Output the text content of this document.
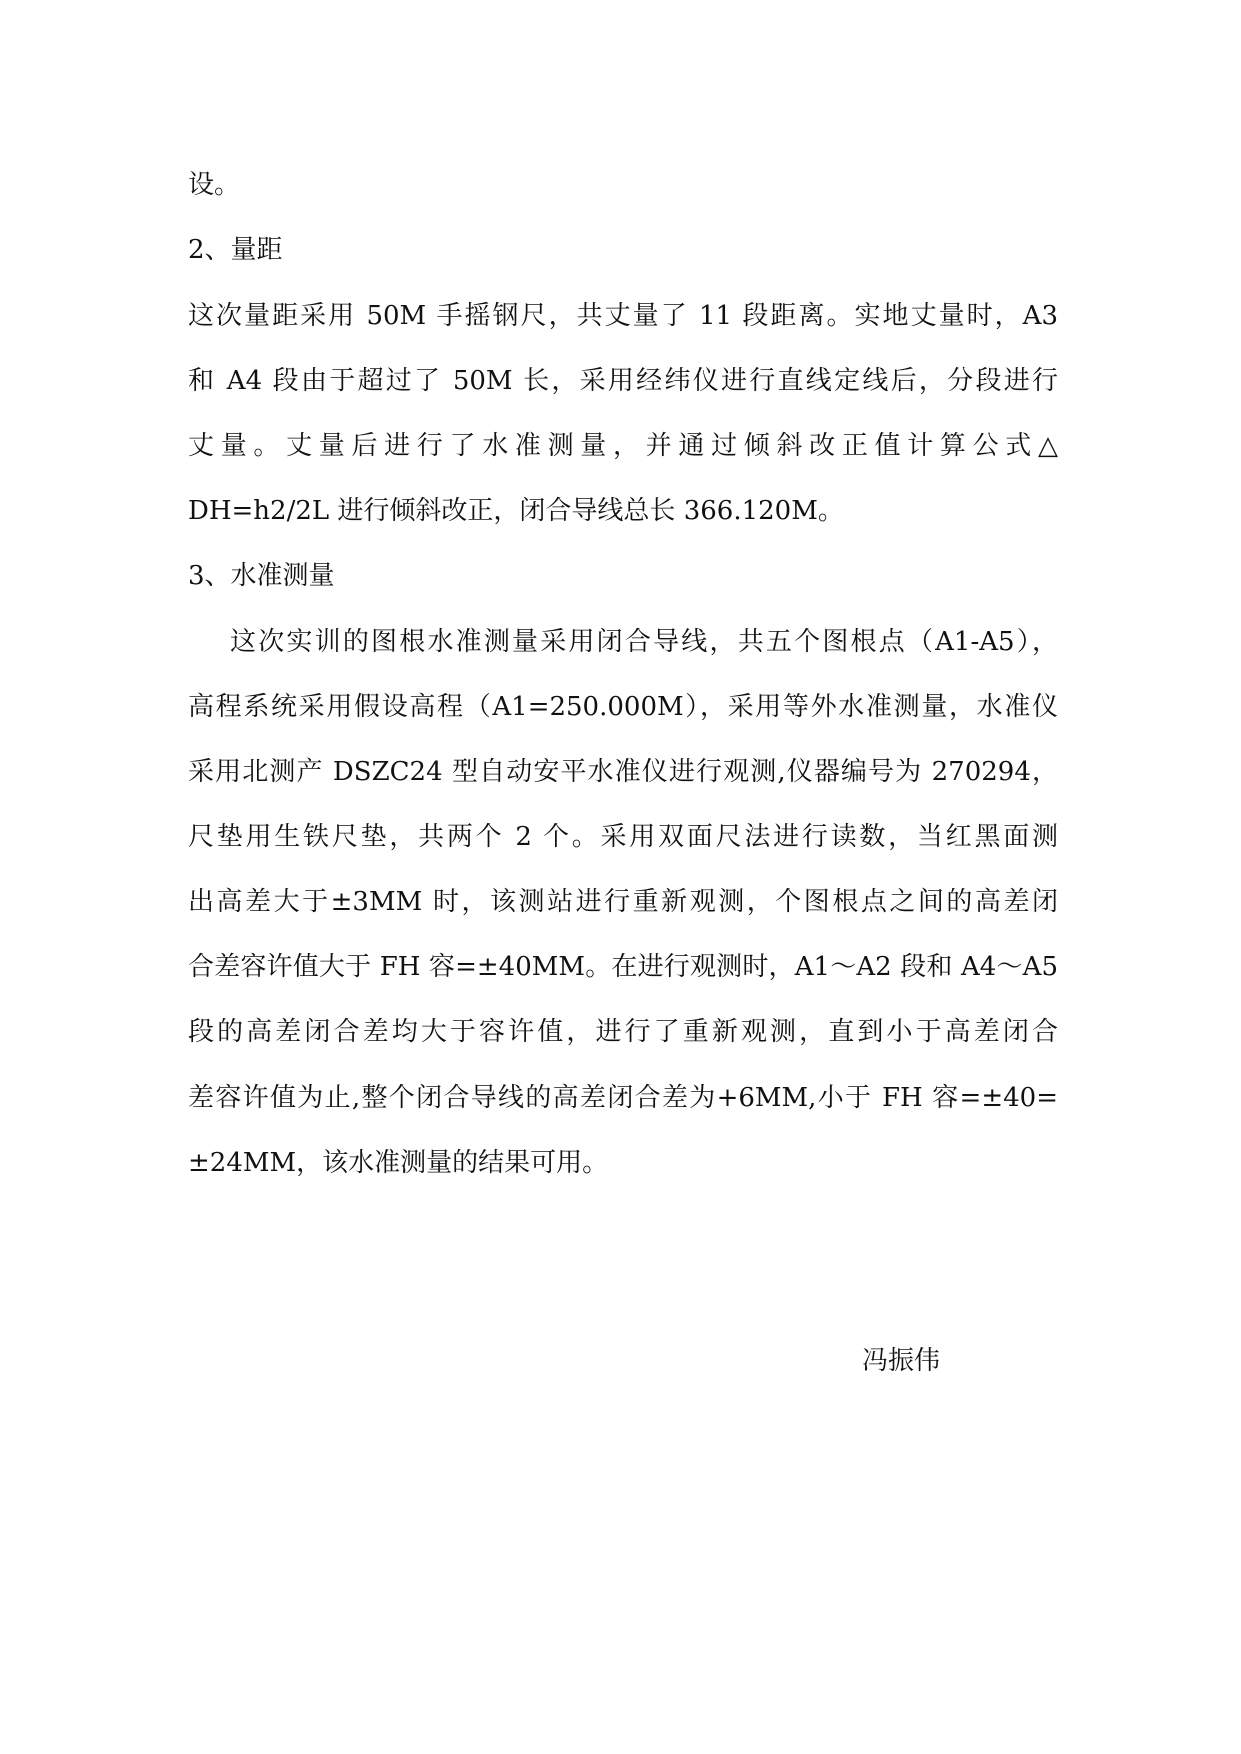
设。
2、量距
这次量距采用 50M 手摇钢尺，共丈量了 11 段距离。实地丈量时，A3
和 A4 段由于超过了 50M 长，采用经纬仪进行直线定线后，分段进行
丈量。丈量后进行了水准测量，并通过倾斜改正值计算公式△
DH=h2/2L 进行倾斜改正，闭合导线总长 366.120M。
3、水准测量
这次实训的图根水准测量采用闭合导线，共五个图根点（A1-A5），
高程系统采用假设高程（A1=250.000M），采用等外水准测量，水准仪
采用北测产 DSZC24 型自动安平水准仪进行观测,仪器编号为 270294，
尺垫用生铁尺垫，共两个 2 个。采用双面尺法进行读数，当红黑面测
出高差大于±3MM 时，该测站进行重新观测，个图根点之间的高差闭
合差容许值大于 FH 容=±40MM。在进行观测时，A1～A2 段和 A4～A5
段的高差闭合差均大于容许值，进行了重新观测，直到小于高差闭合
差容许值为止,整个闭合导线的高差闭合差为+6MM,小于 FH 容=±40=
±24MM，该水准测量的结果可用。
冯振伟
